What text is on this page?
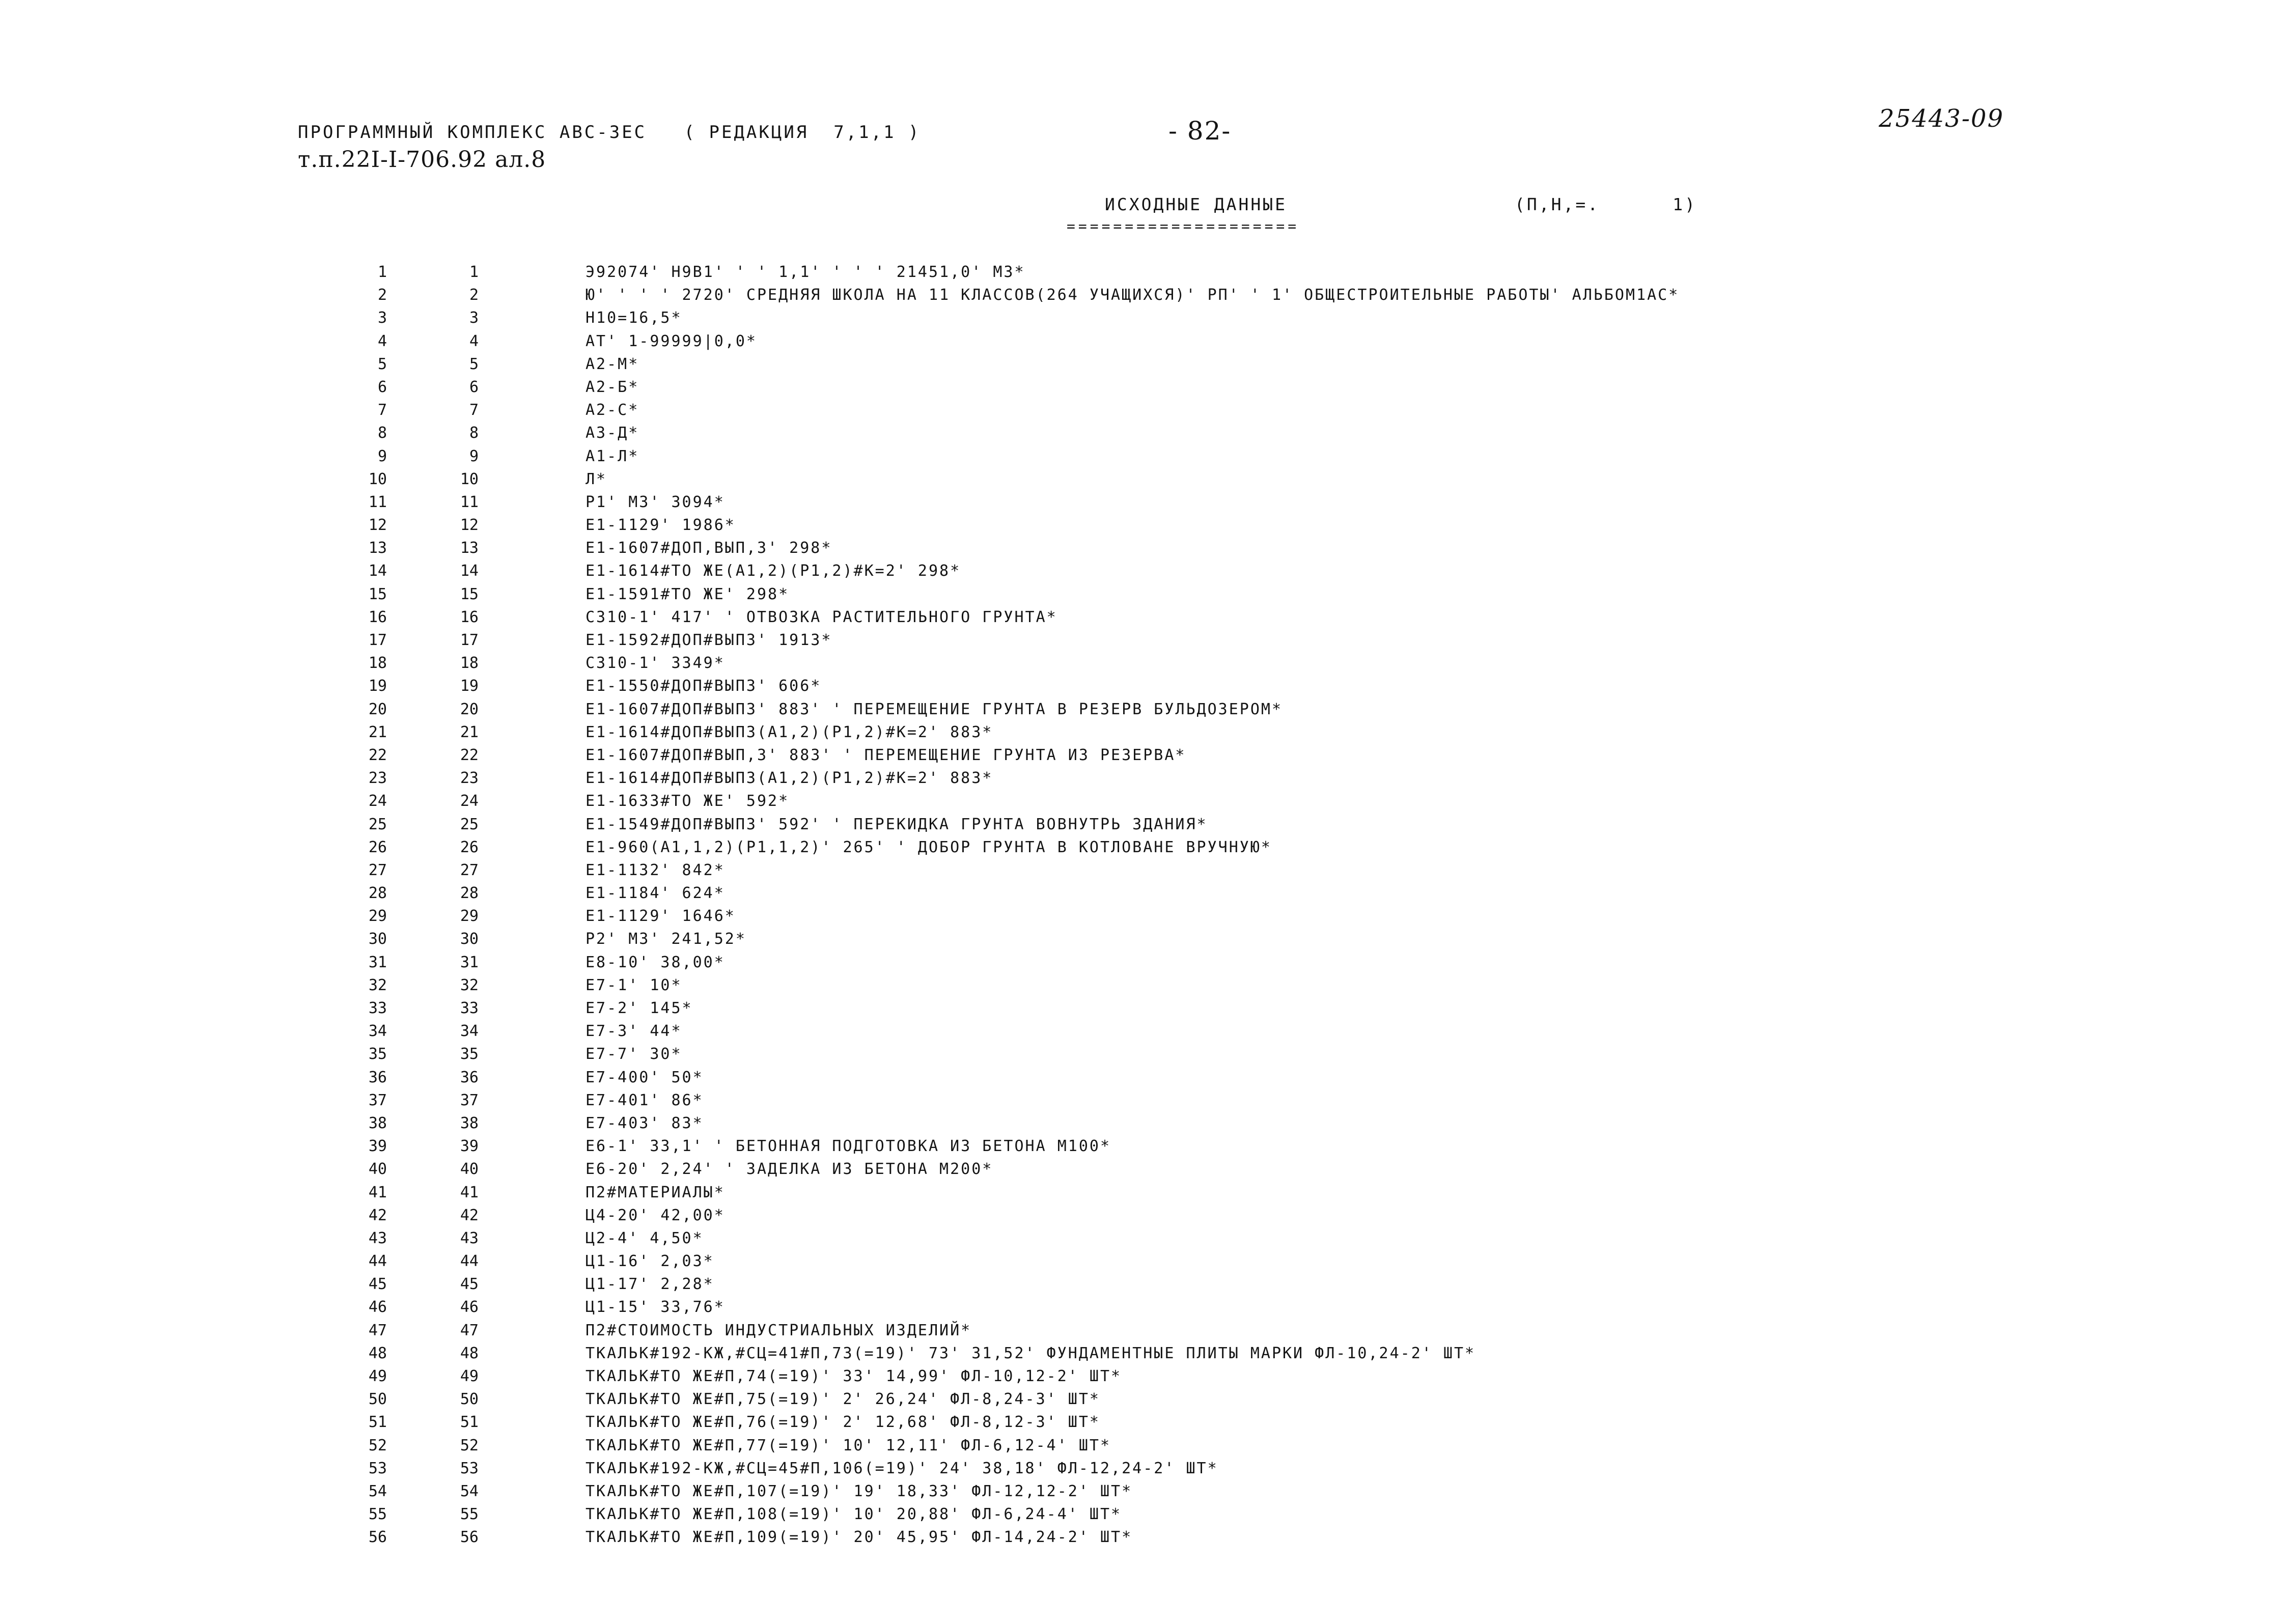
ПРОГРАММНЫЙ КОМПЛЕКС АВС-3ЕС   ( РЕДАКЦИЯ  7,1,1 )
т.п.22I-I-706.92 ал.8
- 82-	25443-09
ИСХОДНЫЕ ДАННЫЕ
====================
(П,Н,=.      1)
1	1	Э92074' Н9В1' ' ' 1,1' ' ' ' 21451,0' М3*
2	2	Ю' ' ' ' 2720' СРЕДНЯЯ ШКОЛА НА 11 КЛАССОВ(264 УЧАЩИХСЯ)' РП' ' 1' ОБЩЕСТРОИТЕЛЬНЫЕ РАБОТЫ' АЛЬБОМ1АС*
3	3	Н10=16,5*
4	4	АТ' 1-99999|0,0*
5	5	А2-М*
6	6	А2-Б*
7	7	А2-С*
8	8	А3-Д*
9	9	А1-Л*
10	10	Л*
11	11	Р1' М3' 3094*
12	12	Е1-1129' 1986*
13	13	Е1-1607#ДОП,ВЫП,3' 298*
14	14	Е1-1614#ТО ЖЕ(А1,2)(Р1,2)#К=2' 298*
15	15	Е1-1591#ТО ЖЕ' 298*
16	16	С310-1' 417' ' ОТВОЗКА РАСТИТЕЛЬНОГО ГРУНТА*
17	17	Е1-1592#ДОП#ВЫП3' 1913*
18	18	С310-1' 3349*
19	19	Е1-1550#ДОП#ВЫП3' 606*
20	20	Е1-1607#ДОП#ВЫП3' 883' ' ПЕРЕМЕЩЕНИЕ ГРУНТА В РЕЗЕРВ БУЛЬДОЗЕРОМ*
21	21	Е1-1614#ДОП#ВЫП3(А1,2)(Р1,2)#К=2' 883*
22	22	Е1-1607#ДОП#ВЫП,3' 883' ' ПЕРЕМЕЩЕНИЕ ГРУНТА ИЗ РЕЗЕРВА*
23	23	Е1-1614#ДОП#ВЫП3(А1,2)(Р1,2)#К=2' 883*
24	24	Е1-1633#ТО ЖЕ' 592*
25	25	Е1-1549#ДОП#ВЫП3' 592' ' ПЕРЕКИДКА ГРУНТА ВОВНУТРЬ ЗДАНИЯ*
26	26	Е1-960(А1,1,2)(Р1,1,2)' 265' ' ДОБОР ГРУНТА В КОТЛОВАНЕ ВРУЧНУЮ*
27	27	Е1-1132' 842*
28	28	Е1-1184' 624*
29	29	Е1-1129' 1646*
30	30	Р2' М3' 241,52*
31	31	Е8-10' 38,00*
32	32	Е7-1' 10*
33	33	Е7-2' 145*
34	34	Е7-3' 44*
35	35	Е7-7' 30*
36	36	Е7-400' 50*
37	37	Е7-401' 86*
38	38	Е7-403' 83*
39	39	Е6-1' 33,1' ' БЕТОННАЯ ПОДГОТОВКА ИЗ БЕТОНА М100*
40	40	Е6-20' 2,24' ' ЗАДЕЛКА ИЗ БЕТОНА М200*
41	41	П2#МАТЕРИАЛЫ*
42	42	Ц4-20' 42,00*
43	43	Ц2-4' 4,50*
44	44	Ц1-16' 2,03*
45	45	Ц1-17' 2,28*
46	46	Ц1-15' 33,76*
47	47	П2#СТОИМОСТЬ ИНДУСТРИАЛЬНЫХ ИЗДЕЛИЙ*
48	48	ТКАЛЬК#192-КЖ,#СЦ=41#П,73(=19)' 73' 31,52' ФУНДАМЕНТНЫЕ ПЛИТЫ МАРКИ ФЛ-10,24-2' ШТ*
49	49	ТКАЛЬК#ТО ЖЕ#П,74(=19)' 33' 14,99' ФЛ-10,12-2' ШТ*
50	50	ТКАЛЬК#ТО ЖЕ#П,75(=19)' 2' 26,24' ФЛ-8,24-3' ШТ*
51	51	ТКАЛЬК#ТО ЖЕ#П,76(=19)' 2' 12,68' ФЛ-8,12-3' ШТ*
52	52	ТКАЛЬК#ТО ЖЕ#П,77(=19)' 10' 12,11' ФЛ-6,12-4' ШТ*
53	53	ТКАЛЬК#192-КЖ,#СЦ=45#П,106(=19)' 24' 38,18' ФЛ-12,24-2' ШТ*
54	54	ТКАЛЬК#ТО ЖЕ#П,107(=19)' 19' 18,33' ФЛ-12,12-2' ШТ*
55	55	ТКАЛЬК#ТО ЖЕ#П,108(=19)' 10' 20,88' ФЛ-6,24-4' ШТ*
56	56	ТКАЛЬК#ТО ЖЕ#П,109(=19)' 20' 45,95' ФЛ-14,24-2' ШТ*
